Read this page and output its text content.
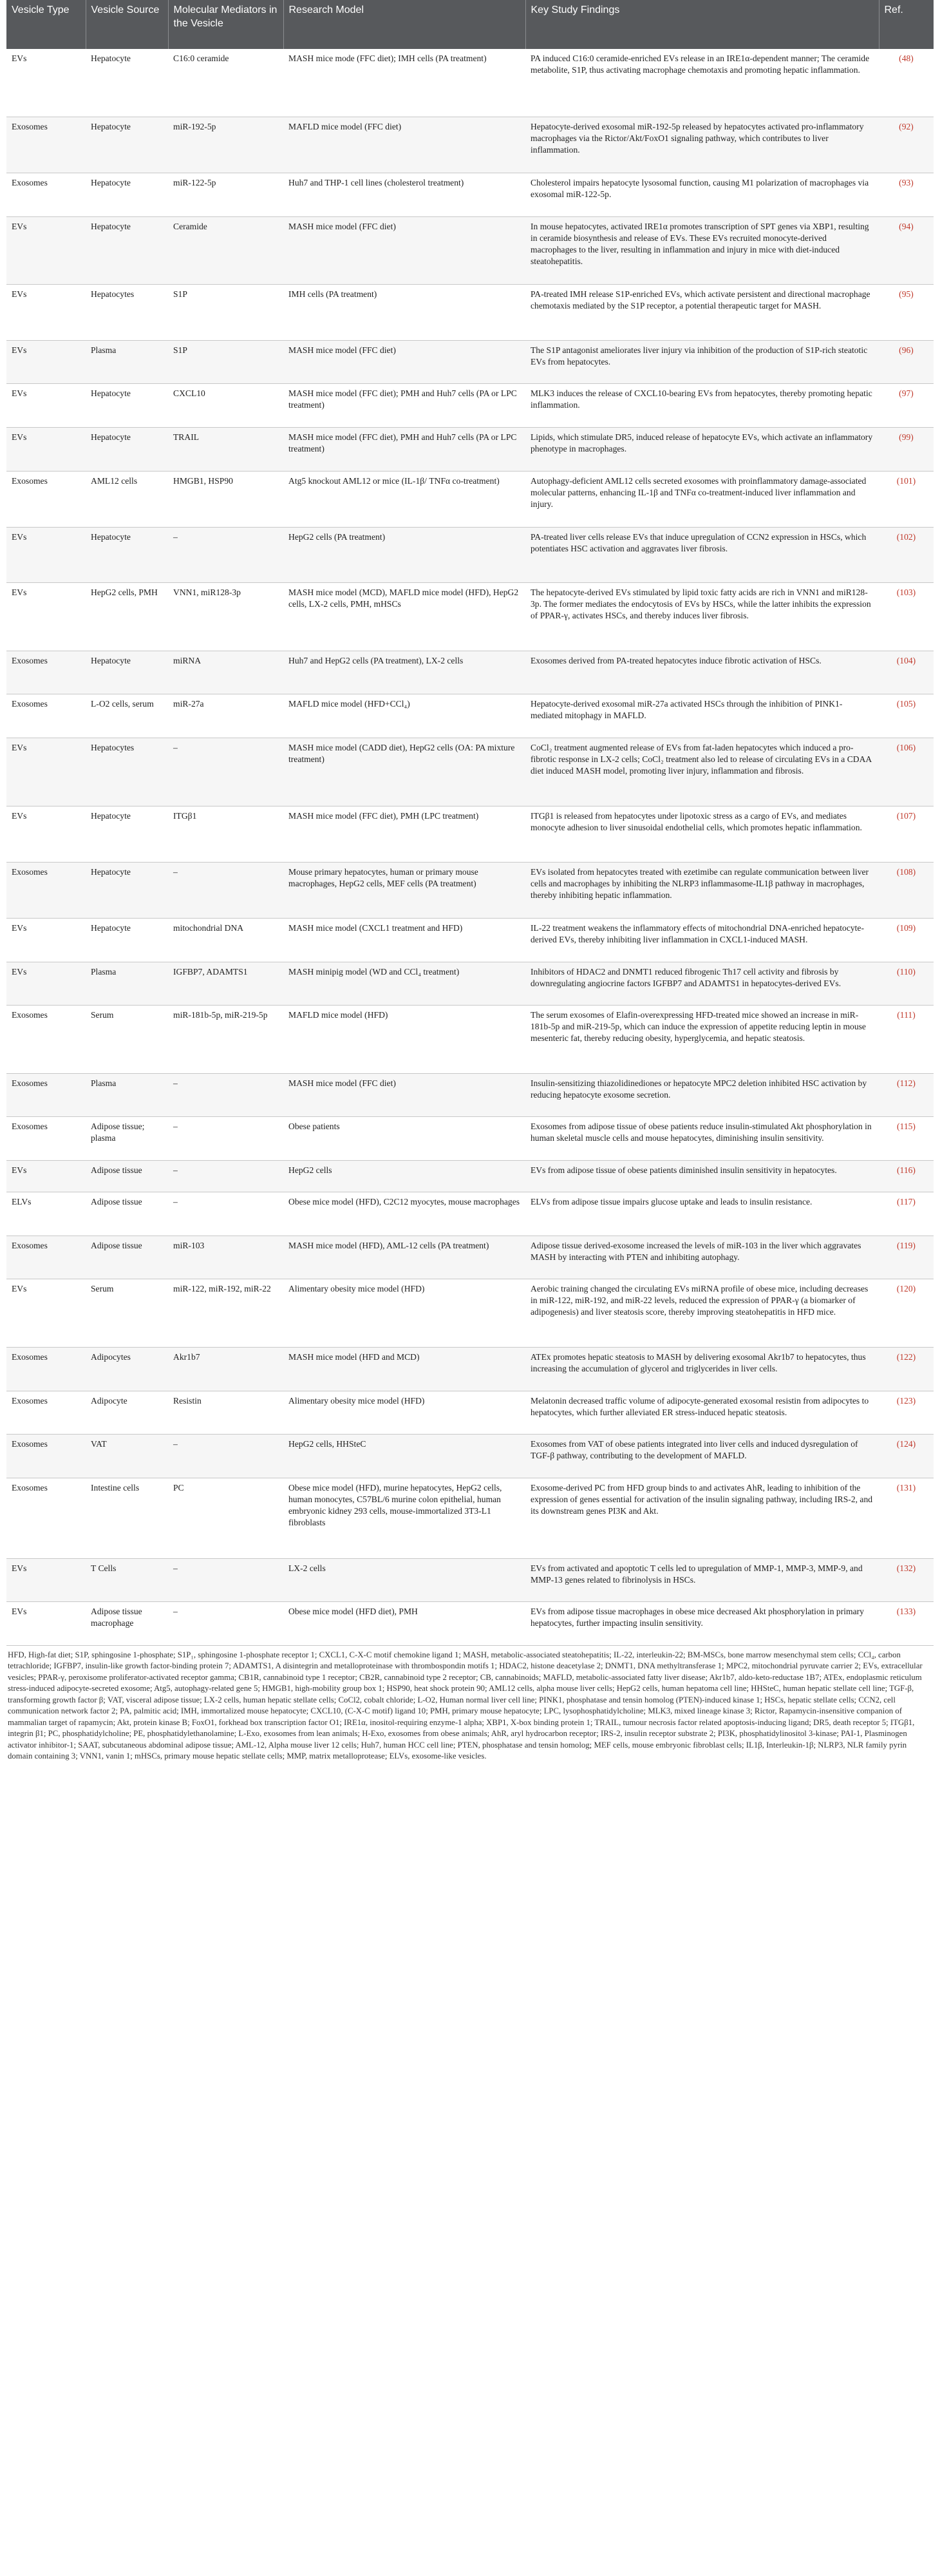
Vesicle Type	Vesicle Source	Molecular Mediators in the Vesicle	Research Model	Key Study Findings	Ref.
EVs	Hepatocyte	C16:0 ceramide	MASH mice mode (FFC diet); IMH cells (PA treatment)	PA induced C16:0 ceramide-enriched EVs release in an IRE1α-dependent manner; The ceramide metabolite, S1P, thus activating macrophage chemotaxis and promoting hepatic inflammation.	(48)
Exosomes	Hepatocyte	miR-192-5p	MAFLD mice model (FFC diet)	Hepatocyte-derived exosomal miR-192-5p released by hepatocytes activated pro-inflammatory macrophages via the Rictor/Akt/FoxO1 signaling pathway, which contributes to liver inflammation.	(92)
Exosomes	Hepatocyte	miR-122-5p	Huh7 and THP-1 cell lines (cholesterol treatment)	Cholesterol impairs hepatocyte lysosomal function, causing M1 polarization of macrophages via exosomal miR-122-5p.	(93)
EVs	Hepatocyte	Ceramide	MASH mice model (FFC diet)	In mouse hepatocytes, activated IRE1α promotes transcription of SPT genes via XBP1, resulting in ceramide biosynthesis and release of EVs. These EVs recruited monocyte-derived macrophages to the liver, resulting in inflammation and injury in mice with diet-induced steatohepatitis.	(94)
EVs	Hepatocytes	S1P	IMH cells (PA treatment)	PA-treated IMH release S1P-enriched EVs, which activate persistent and directional macrophage chemotaxis mediated by the S1P receptor, a potential therapeutic target for MASH.	(95)
EVs	Plasma	S1P	MASH mice model (FFC diet)	The S1P antagonist ameliorates liver injury via inhibition of the production of S1P-rich steatotic EVs from hepatocytes.	(96)
EVs	Hepatocyte	CXCL10	MASH mice model (FFC diet); PMH and Huh7 cells (PA or LPC treatment)	MLK3 induces the release of CXCL10-bearing EVs from hepatocytes, thereby promoting hepatic inflammation.	(97)
EVs	Hepatocyte	TRAIL	MASH mice model (FFC diet), PMH and Huh7 cells (PA or LPC treatment)	Lipids, which stimulate DR5, induced release of hepatocyte EVs, which activate an inflammatory phenotype in macrophages.	(99)
Exosomes	AML12 cells	HMGB1, HSP90	Atg5 knockout AML12 or mice (IL-1β/ TNFα co-treatment)	Autophagy-deficient AML12 cells secreted exosomes with proinflammatory damage-associated molecular patterns, enhancing IL-1β and TNFα co-treatment-induced liver inflammation and injury.	(101)
EVs	Hepatocyte	–	HepG2 cells (PA treatment)	PA-treated liver cells release EVs that induce upregulation of CCN2 expression in HSCs, which potentiates HSC activation and aggravates liver fibrosis.	(102)
EVs	HepG2 cells, PMH	VNN1, miR128-3p	MASH mice model (MCD), MAFLD mice model (HFD), HepG2 cells, LX-2 cells, PMH, mHSCs	The hepatocyte-derived EVs stimulated by lipid toxic fatty acids are rich in VNN1 and miR128-3p. The former mediates the endocytosis of EVs by HSCs, while the latter inhibits the expression of PPAR-γ, activates HSCs, and thereby induces liver fibrosis.	(103)
Exosomes	Hepatocyte	miRNA	Huh7 and HepG2 cells (PA treatment), LX-2 cells	Exosomes derived from PA-treated hepatocytes induce fibrotic activation of HSCs.	(104)
Exosomes	L-O2 cells, serum	miR-27a	MAFLD mice model (HFD+CCl₄)	Hepatocyte-derived exosomal miR-27a activated HSCs through the inhibition of PINK1-mediated mitophagy in MAFLD.	(105)
EVs	Hepatocytes	–	MASH mice model (CADD diet), HepG2 cells (OA: PA mixture treatment)	CoCl₂ treatment augmented release of EVs from fat-laden hepatocytes which induced a pro-fibrotic response in LX-2 cells; CoCl₂ treatment also led to release of circulating EVs in a CDAA diet induced MASH model, promoting liver injury, inflammation and fibrosis.	(106)
EVs	Hepatocyte	ITGβ1	MASH mice model (FFC diet), PMH (LPC treatment)	ITGβ1 is released from hepatocytes under lipotoxic stress as a cargo of EVs, and mediates monocyte adhesion to liver sinusoidal endothelial cells, which promotes hepatic inflammation.	(107)
Exosomes	Hepatocyte	–	Mouse primary hepatocytes, human or primary mouse macrophages, HepG2 cells, MEF cells (PA treatment)	EVs isolated from hepatocytes treated with ezetimibe can regulate communication between liver cells and macrophages by inhibiting the NLRP3 inflammasome-IL1β pathway in macrophages, thereby inhibiting hepatic inflammation.	(108)
EVs	Hepatocyte	mitochondrial DNA	MASH mice model (CXCL1 treatment and HFD)	IL-22 treatment weakens the inflammatory effects of mitochondrial DNA-enriched hepatocyte-derived EVs, thereby inhibiting liver inflammation in CXCL1-induced MASH.	(109)
EVs	Plasma	IGFBP7, ADAMTS1	MASH minipig model (WD and CCl₄ treatment)	Inhibitors of HDAC2 and DNMT1 reduced fibrogenic Th17 cell activity and fibrosis by downregulating angiocrine factors IGFBP7 and ADAMTS1 in hepatocytes-derived EVs.	(110)
Exosomes	Serum	miR-181b-5p, miR-219-5p	MAFLD mice model (HFD)	The serum exosomes of Elafin-overexpressing HFD-treated mice showed an increase in miR-181b-5p and miR-219-5p, which can induce the expression of appetite reducing leptin in mouse mesenteric fat, thereby reducing obesity, hyperglycemia, and hepatic steatosis.	(111)
Exosomes	Plasma	–	MASH mice model (FFC diet)	Insulin-sensitizing thiazolidinediones or hepatocyte MPC2 deletion inhibited HSC activation by reducing hepatocyte exosome secretion.	(112)
Exosomes	Adipose tissue; plasma	–	Obese patients	Exosomes from adipose tissue of obese patients reduce insulin-stimulated Akt phosphorylation in human skeletal muscle cells and mouse hepatocytes, diminishing insulin sensitivity.	(115)
EVs	Adipose tissue	–	HepG2 cells	EVs from adipose tissue of obese patients diminished insulin sensitivity in hepatocytes.	(116)
ELVs	Adipose tissue	–	Obese mice model (HFD), C2C12 myocytes, mouse macrophages	ELVs from adipose tissue impairs glucose uptake and leads to insulin resistance.	(117)
Exosomes	Adipose tissue	miR-103	MASH mice model (HFD), AML-12 cells (PA treatment)	Adipose tissue derived-exosome increased the levels of miR-103 in the liver which aggravates MASH by interacting with PTEN and inhibiting autophagy.	(119)
EVs	Serum	miR-122, miR-192, miR-22	Alimentary obesity mice model (HFD)	Aerobic training changed the circulating EVs miRNA profile of obese mice, including decreases in miR-122, miR-192, and miR-22 levels, reduced the expression of PPAR-γ (a biomarker of adipogenesis) and liver steatosis score, thereby improving steatohepatitis in HFD mice.	(120)
Exosomes	Adipocytes	Akr1b7	MASH mice model (HFD and MCD)	ATEx promotes hepatic steatosis to MASH by delivering exosomal Akr1b7 to hepatocytes, thus increasing the accumulation of glycerol and triglycerides in liver cells.	(122)
Exosomes	Adipocyte	Resistin	Alimentary obesity mice model (HFD)	Melatonin decreased traffic volume of adipocyte-generated exosomal resistin from adipocytes to hepatocytes, which further alleviated ER stress-induced hepatic steatosis.	(123)
Exosomes	VAT	–	HepG2 cells, HHSteC	Exosomes from VAT of obese patients integrated into liver cells and induced dysregulation of TGF-β pathway, contributing to the development of MAFLD.	(124)
Exosomes	Intestine cells	PC	Obese mice model (HFD), murine hepatocytes, HepG2 cells, human monocytes, C57BL/6 murine colon epithelial, human embryonic kidney 293 cells, mouse-immortalized 3T3-L1 fibroblasts	Exosome-derived PC from HFD group binds to and activates AhR, leading to inhibition of the expression of genes essential for activation of the insulin signaling pathway, including IRS-2, and its downstream genes PI3K and Akt.	(131)
EVs	T Cells	–	LX-2 cells	EVs from activated and apoptotic T cells led to upregulation of MMP-1, MMP-3, MMP-9, and MMP-13 genes related to fibrinolysis in HSCs.	(132)
EVs	Adipose tissue macrophage	–	Obese mice model (HFD diet), PMH	EVs from adipose tissue macrophages in obese mice decreased Akt phosphorylation in primary hepatocytes, further impacting insulin sensitivity.	(133)
HFD, High-fat diet; S1P, sphingosine 1-phosphate; S1P₁, sphingosine 1-phosphate receptor 1; CXCL1, C-X-C motif chemokine ligand 1; MASH, metabolic-associated steatohepatitis; IL-22, interleukin-22; BM-MSCs, bone marrow mesenchymal stem cells; CCl₄, carbon tetrachloride; IGFBP7, insulin-like growth factor-binding protein 7; ADAMTS1, A disintegrin and metalloproteinase with thrombospondin motifs 1; HDAC2, histone deacetylase 2; DNMT1, DNA methyltransferase 1; MPC2, mitochondrial pyruvate carrier 2; EVs, extracellular vesicles; PPAR-γ, peroxisome proliferator-activated receptor gamma; CB1R, cannabinoid type 1 receptor; CB2R, cannabinoid type 2 receptor; CB, cannabinoids; MAFLD, metabolic-associated fatty liver disease; Akr1b7, aldo-keto-reductase 1B7; ATEx, endoplasmic reticulum stress-induced adipocyte-secreted exosome; Atg5, autophagy-related gene 5; HMGB1, high-mobility group box 1; HSP90, heat shock protein 90; AML12 cells, alpha mouse liver cells; HepG2 cells, human hepatoma cell line; HHSteC, human hepatic stellate cell line; TGF-β, transforming growth factor β; VAT, visceral adipose tissue; LX-2 cells, human hepatic stellate cells; CoCl2, cobalt chloride; L-O2, Human normal liver cell line; PINK1, phosphatase and tensin homolog (PTEN)-induced kinase 1; HSCs, hepatic stellate cells; CCN2, cell communication network factor 2; PA, palmitic acid; IMH, immortalized mouse hepatocyte; CXCL10, (C-X-C motif) ligand 10; PMH, primary mouse hepatocyte; LPC, lysophosphatidylcholine; MLK3, mixed lineage kinase 3; Rictor, Rapamycin-insensitive companion of mammalian target of rapamycin; Akt, protein kinase B; FoxO1, forkhead box transcription factor O1; IRE1α, inositol-requiring enzyme-1 alpha; XBP1, X-box binding protein 1; TRAIL, tumour necrosis factor related apoptosis-inducing ligand; DR5, death receptor 5; ITGβ1, integrin β1; PC, phosphatidylcholine; PE, phosphatidylethanolamine; L-Exo, exosomes from lean animals; H-Exo, exosomes from obese animals; AhR, aryl hydrocarbon receptor; IRS-2, insulin receptor substrate 2; PI3K, phosphatidylinositol 3-kinase; PAI-1, Plasminogen activator inhibitor-1; SAAT, subcutaneous abdominal adipose tissue; AML-12, Alpha mouse liver 12 cells; Huh7, human HCC cell line; PTEN, phosphatase and tensin homolog; MEF cells, mouse embryonic fibroblast cells; IL1β, Interleukin-1β; NLRP3, NLR family pyrin domain containing 3; VNN1, vanin 1; mHSCs, primary mouse hepatic stellate cells; MMP, matrix metalloprotease; ELVs, exosome-like vesicles.
